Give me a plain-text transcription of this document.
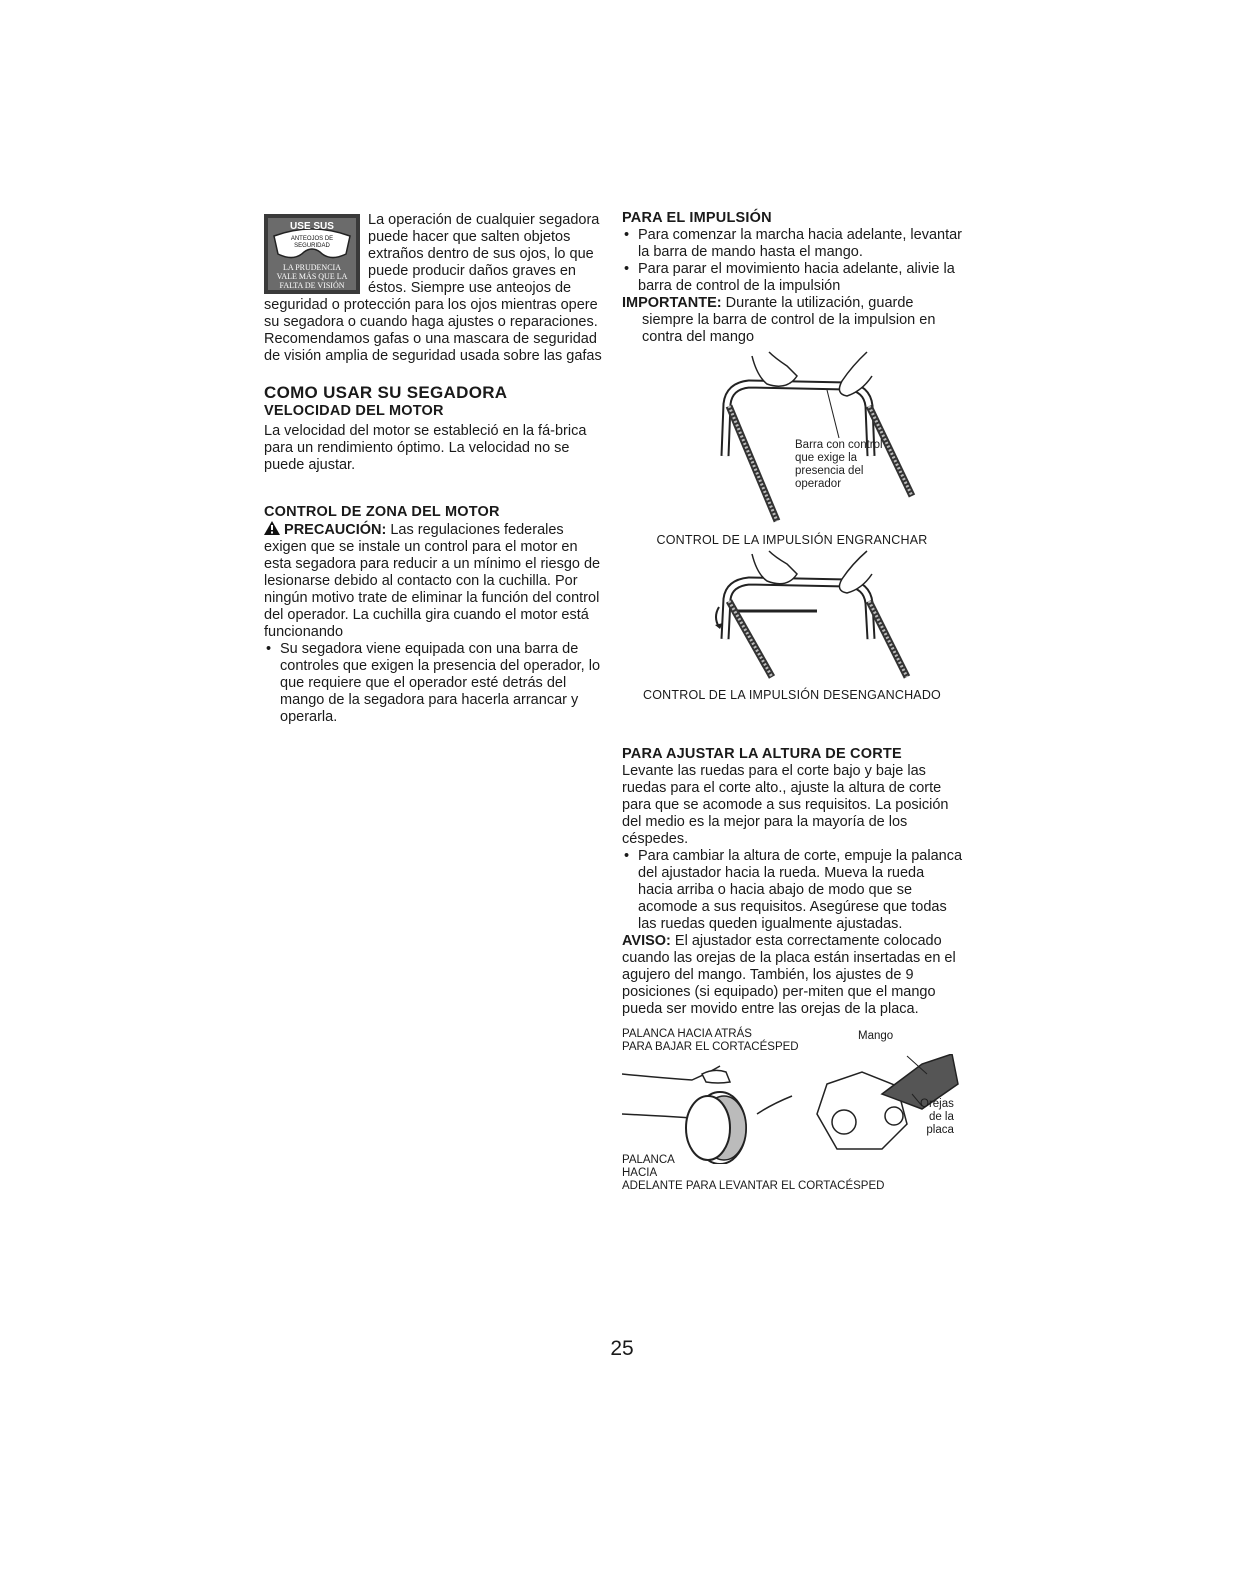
USE SUS
ANTEOJOS DE
SEGURIDAD
LA PRUDENCIA
VALE MÁS QUE LA
FALTA DE VISIÓN

La operación de cualquier segadora puede hacer que salten objetos extraños dentro de sus ojos, lo que puede producir daños graves en éstos. Siempre use anteojos de seguridad o protección para los ojos mientras opere su segadora o cuando haga ajustes o reparaciones. Recomendamos gafas o una mascara de seguridad de visión amplia de seguridad usada sobre las gafas

COMO USAR SU SEGADORA

VELOCIDAD DEL MOTOR

La velocidad del motor se estableció en la fá-brica para un rendimiento óptimo. La velocidad no se puede ajustar.

CONTROL DE ZONA DEL MOTOR

PRECAUCIÓN: Las regulaciones federales exigen que se instale un control para el motor en esta segadora para reducir a un mínimo el riesgo de lesionarse debido al contacto con la cuchilla. Por ningún motivo trate de eliminar la función del control del operador. La cuchilla gira cuando el motor está funcionando

• Su segadora viene equipada con una barra de controles que exigen la presencia del operador, lo que requiere que el operador esté detrás del mango de la segadora para hacerla arrancar y operarla.

PARA EL IMPULSIÓN

• Para comenzar la marcha hacia adelante, levantar la barra de mando hasta el mango.

• Para parar el movimiento hacia adelante, alivie la barra de control de la impulsión

IMPORTANTE: Durante la utilización, guarde

siempre la barra de control de la impulsion en contra del mango

Barra con control
que exige la
presencia del
operador

CONTROL DE LA IMPULSIÓN ENGRANCHAR

CONTROL DE LA IMPULSIÓN DESENGANCHADO

PARA AJUSTAR LA ALTURA DE CORTE

Levante las ruedas para el corte bajo y baje las ruedas para el corte alto., ajuste la altura de corte para que se acomode a sus requisitos. La posición del medio es la mejor para la mayoría de los céspedes.

• Para cambiar la altura de corte, empuje la palanca del ajustador hacia la rueda. Mueva la rueda hacia arriba o hacia abajo de modo que se acomode a sus requisitos. Asegúrese que todas las ruedas queden igualmente ajustadas.

AVISO: El ajustador esta correctamente colocado cuando las orejas de la placa están insertadas en el agujero del mango. También, los ajustes de 9 posiciones (si equipado) per-miten que el mango pueda ser movido entre las orejas de la placa.

PALANCA HACIA ATRÁS
PARA BAJAR EL CORTACÉSPED
Mango
Orejas
de la
placa
PALANCA
HACIA
ADELANTE PARA LEVANTAR EL CORTACÉSPED
25
